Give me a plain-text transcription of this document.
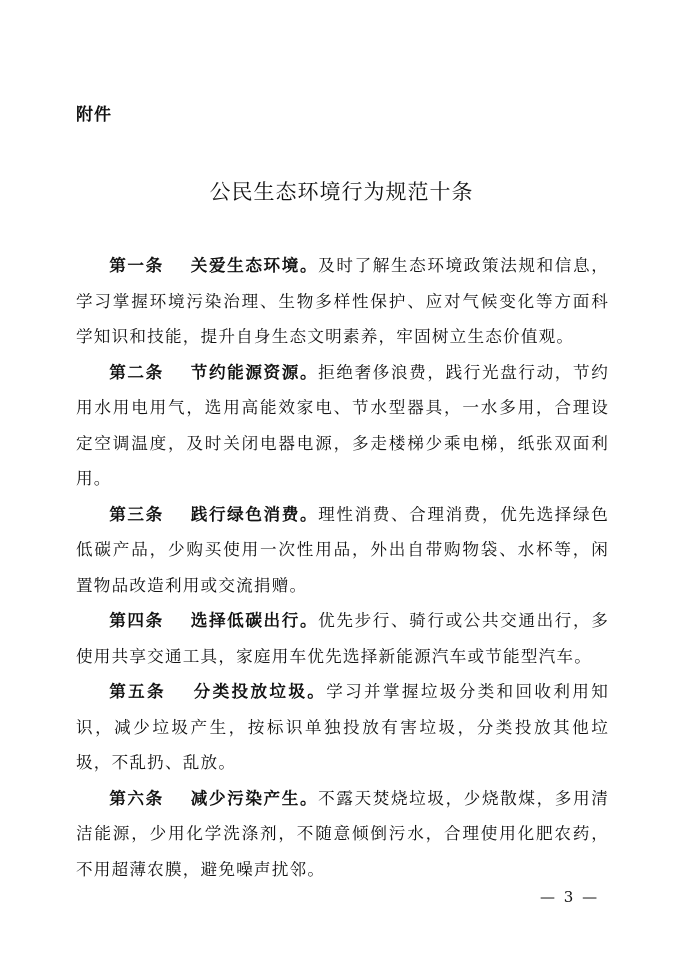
附件
公民生态环境行为规范十条

第一条 关爱生态环境。及时了解生态环境政策法规和信息，学习掌握环境污染治理、生物多样性保护、应对气候变化等方面科学知识和技能，提升自身生态文明素养，牢固树立生态价值观。

第二条 节约能源资源。拒绝奢侈浪费，践行光盘行动，节约用水用电用气，选用高能效家电、节水型器具，一水多用，合理设定空调温度，及时关闭电器电源，多走楼梯少乘电梯，纸张双面利用。

第三条 践行绿色消费。理性消费、合理消费，优先选择绿色低碳产品，少购买使用一次性用品，外出自带购物袋、水杯等，闲置物品改造利用或交流捐赠。

第四条 选择低碳出行。优先步行、骑行或公共交通出行，多使用共享交通工具，家庭用车优先选择新能源汽车或节能型汽车。

第五条 分类投放垃圾。学习并掌握垃圾分类和回收利用知识，减少垃圾产生，按标识单独投放有害垃圾，分类投放其他垃圾，不乱扔、乱放。

第六条 减少污染产生。不露天焚烧垃圾，少烧散煤，多用清洁能源，少用化学洗涤剂，不随意倾倒污水，合理使用化肥农药，不用超薄农膜，避免噪声扰邻。

— 3 —
